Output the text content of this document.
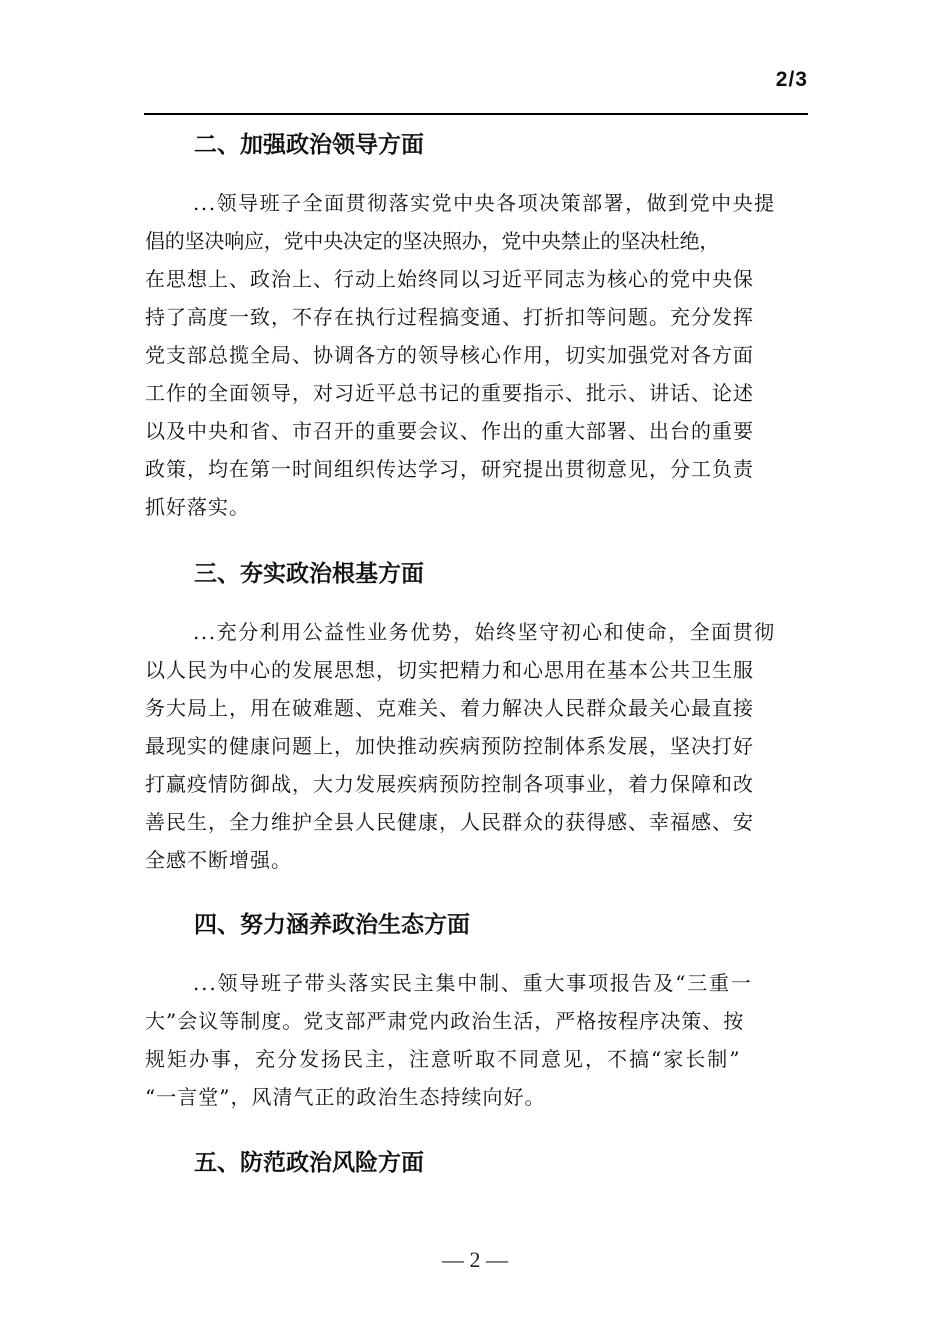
2/3
二、加强政治领导方面
...领导班子全面贯彻落实党中央各项决策部署，做到党中央提
倡的坚决响应，党中央决定的坚决照办，党中央禁止的坚决杜绝，
在思想上、政治上、行动上始终同以习近平同志为核心的党中央保
持了高度一致，不存在执行过程搞变通、打折扣等问题。充分发挥
党支部总揽全局、协调各方的领导核心作用，切实加强党对各方面
工作的全面领导，对习近平总书记的重要指示、批示、讲话、论述
以及中央和省、市召开的重要会议、作出的重大部署、出台的重要
政策，均在第一时间组织传达学习，研究提出贯彻意见，分工负责
抓好落实。
三、夯实政治根基方面
...充分利用公益性业务优势，始终坚守初心和使命，全面贯彻
以人民为中心的发展思想，切实把精力和心思用在基本公共卫生服
务大局上，用在破难题、克难关、着力解决人民群众最关心最直接
最现实的健康问题上，加快推动疾病预防控制体系发展，坚决打好
打赢疫情防御战，大力发展疾病预防控制各项事业，着力保障和改
善民生，全力维护全县人民健康，人民群众的获得感、幸福感、安
全感不断增强。
四、努力涵养政治生态方面
...领导班子带头落实民主集中制、重大事项报告及“三重一
大”会议等制度。党支部严肃党内政治生活，严格按程序决策、按
规矩办事，充分发扬民主，注意听取不同意见，不搞“家长制”
“一言堂”，风清气正的政治生态持续向好。
五、防范政治风险方面
— 2 —
